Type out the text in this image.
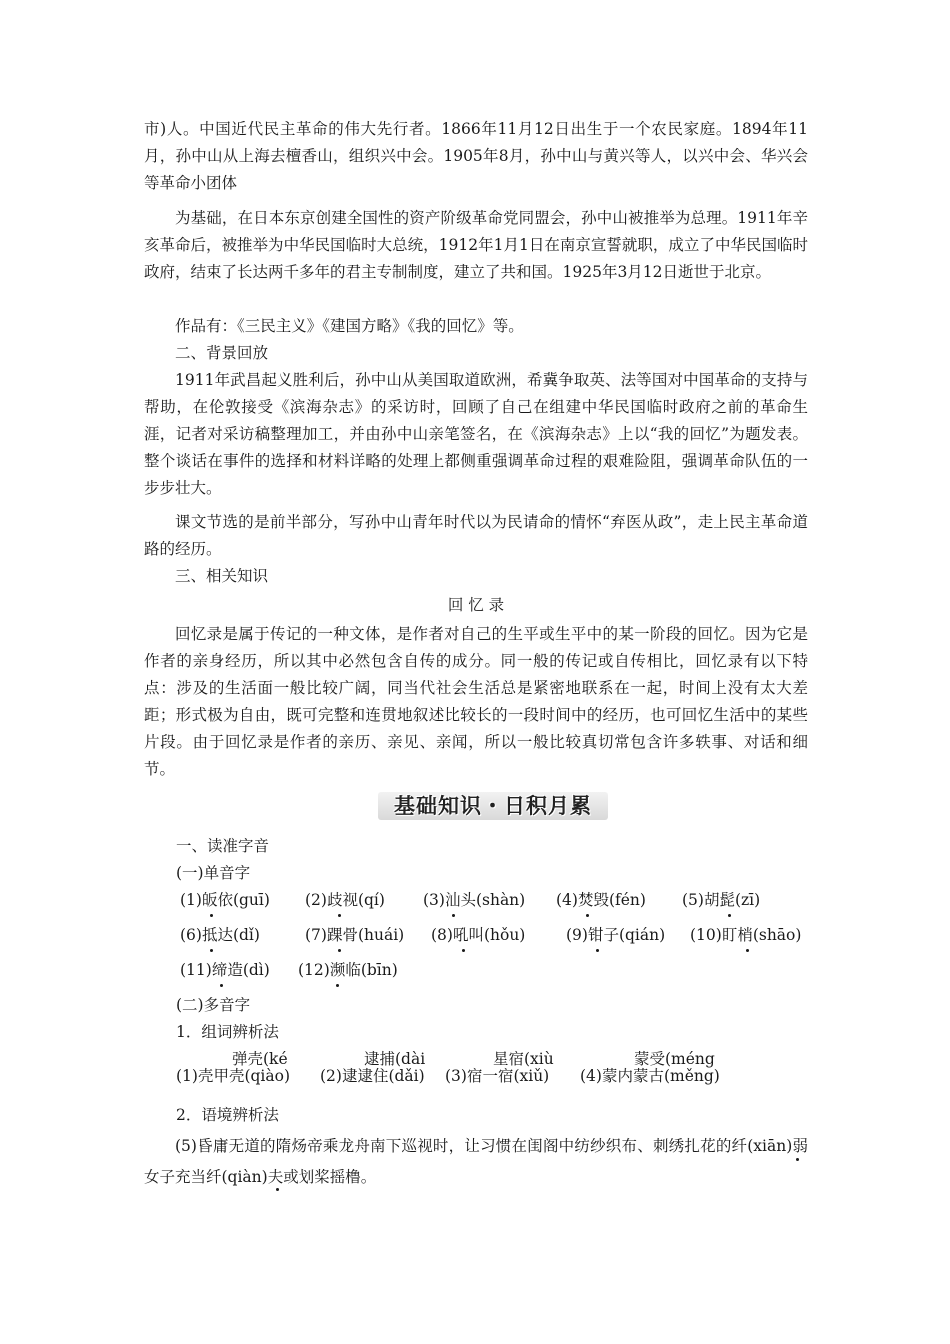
市)人。中国近代民主革命的伟大先行者。1866年11月12日出生于一个农民家庭。1894年11月，孙中山从上海去檀香山，组织兴中会。1905年8月，孙中山与黄兴等人，以兴中会、华兴会等革命小团体

为基础，在日本东京创建全国性的资产阶级革命党同盟会，孙中山被推举为总理。1911年辛亥革命后，被推举为中华民国临时大总统，1912年1月1日在南京宣誓就职，成立了中华民国临时政府，结束了长达两千多年的君主专制制度，建立了共和国。1925年3月12日逝世于北京。

作品有：《三民主义》《建国方略》《我的回忆》等。

二、背景回放

1911年武昌起义胜利后，孙中山从美国取道欧洲，希冀争取英、法等国对中国革命的支持与帮助，在伦敦接受《滨海杂志》的采访时，回顾了自己在组建中华民国临时政府之前的革命生涯，记者对采访稿整理加工，并由孙中山亲笔签名，在《滨海杂志》上以“我的回忆”为题发表。整个谈话在事件的选择和材料详略的处理上都侧重强调革命过程的艰难险阻，强调革命队伍的一步步壮大。

课文节选的是前半部分，写孙中山青年时代以为民请命的情怀“弃医从政”，走上民主革命道路的经历。

三、相关知识

回 忆 录

回忆录是属于传记的一种文体，是作者对自己的生平或生平中的某一阶段的回忆。因为它是作者的亲身经历，所以其中必然包含自传的成分。同一般的传记或自传相比，回忆录有以下特点：涉及的生活面一般比较广阔，同当代社会生活总是紧密地联系在一起，时间上没有太大差距；形式极为自由，既可完整和连贯地叙述比较长的一段时间中的经历，也可回忆生活中的某些片段。由于回忆录是作者的亲历、亲见、亲闻，所以一般比较真切常包含许多轶事、对话和细节。

基础知识・日积月累
一、读准字音
(一)单音字
(1)皈依(guī) (2)歧视(qí) (3)汕头(shàn) (4)焚毁(fén) (5)胡髭(zī)
(6)抵达(dǐ)	(7)踝骨(huái) (8)吼叫(hǒu)	(9)钳子(qián) (10)盯梢(shāo)
(11)缔造(dì) (12)濒临(bīn)
(二)多音字
1．组词辨析法
弹壳(ké	逮捕(dài	星宿(xiù	蒙受(méng
(1)壳甲壳(qiào) (2)逮逮住(dǎi) (3)宿一宿(xiǔ) (4)蒙内蒙古(měng)
2．语境辨析法

(5)昏庸无道的隋炀帝乘龙舟南下巡视时，让习惯在闺阁中纺纱织布、刺绣扎花的纤(xiān)弱女子充当纤(qiàn)夫或划桨摇橹。
